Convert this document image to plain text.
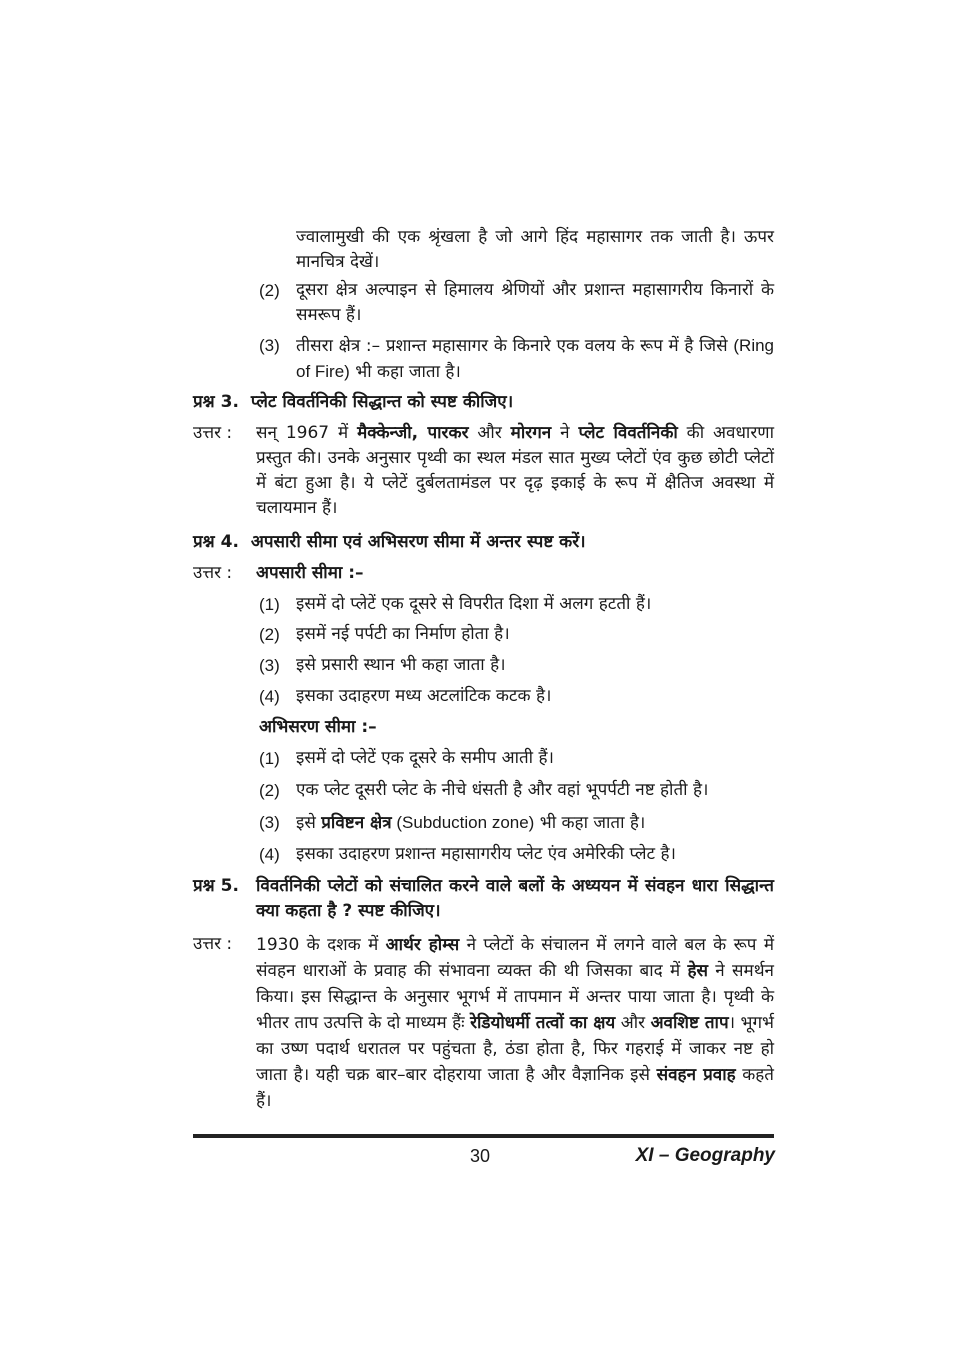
ज्वालामुखी की एक श्रृंखला है जो आगे हिंद महासागर तक जाती है। ऊपर मानचित्र देखें।
(2) दूसरा क्षेत्र अल्पाइन से हिमालय श्रेणियों और प्रशान्त महासागरीय किनारों के समरूप हैं।
(3) तीसरा क्षेत्र :– प्रशान्त महासागर के किनारे एक वलय के रूप में है जिसे (Ring of Fire) भी कहा जाता है।
प्रश्न 3. प्लेट विवर्तनिकी सिद्धान्त को स्पष्ट कीजिए।
उत्तर : सन् 1967 में मैक्केन्जी, पारकर और मोरगन ने प्लेट विवर्तनिकी की अवधारणा प्रस्तुत की। उनके अनुसार पृथ्वी का स्थल मंडल सात मुख्य प्लेटों एंव कुछ छोटी प्लेटों में बंटा हुआ है। ये प्लेटें दुर्बलतामंडल पर दृढ़ इकाई के रूप में क्षैतिज अवस्था में चलायमान हैं।
प्रश्न 4. अपसारी सीमा एवं अभिसरण सीमा में अन्तर स्पष्ट करें।
उत्तर : अपसारी सीमा :–
(1) इसमें दो प्लेटें एक दूसरे से विपरीत दिशा में अलग हटती हैं।
(2) इसमें नई पर्पटी का निर्माण होता है।
(3) इसे प्रसारी स्थान भी कहा जाता है।
(4) इसका उदाहरण मध्य अटलांटिक कटक है।
अभिसरण सीमा :–
(1) इसमें दो प्लेटें एक दूसरे के समीप आती हैं।
(2) एक प्लेट दूसरी प्लेट के नीचे धंसती है और वहां भूपर्पटी नष्ट होती है।
(3) इसे प्रविष्टन क्षेत्र (Subduction zone) भी कहा जाता है।
(4) इसका उदाहरण प्रशान्त महासागरीय प्लेट एंव अमेरिकी प्लेट है।
प्रश्न 5. विवर्तनिकी प्लेटों को संचालित करने वाले बलों के अध्ययन में संवहन धारा सिद्धान्त क्या कहता है ? स्पष्ट कीजिए।
उत्तर : 1930 के दशक में आर्थर होम्स ने प्लेटों के संचालन में लगने वाले बल के रूप में संवहन धाराओं के प्रवाह की संभावना व्यक्त की थी जिसका बाद में हेस ने समर्थन किया। इस सिद्धान्त के अनुसार भूगर्भ में तापमान में अन्तर पाया जाता है। पृथ्वी के भीतर ताप उत्पत्ति के दो माध्यम हैंः रेडियोधर्मी तत्वों का क्षय और अवशिष्ट ताप। भूगर्भ का उष्ण पदार्थ धरातल पर पहुंचता है, ठंडा होता है, फिर गहराई में जाकर नष्ट हो जाता है। यही चक्र बार–बार दोहराया जाता है और वैज्ञानिक इसे संवहन प्रवाह कहते हैं।
30	XI – Geography
